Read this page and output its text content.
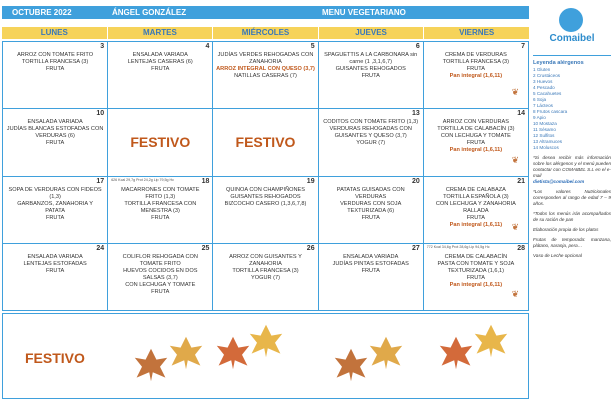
OCTUBRE 2022	ÁNGEL GONZÁLEZ	MENU VEGETARIANO
LUNES	MARTES	MIÉRCOLES	JUEVES	VIERNES
3
ARROZ CON TOMATE FRITO
TORTILLA FRANCESA (3)
FRUTA
4
ENSALADA VARIADA
LENTEJAS CASERAS (6)
FRUTA
5
JUDÍAS VERDES REHOGADAS CON
ZANAHORIA
ARROZ INTEGRAL CON QUESO (3,7)
NATILLAS CASERAS (7)
6
SPAGUETTIS A LA CARBONARA sin
carne (1 ,3,1,6,7)
GUISANTES REHOGADOS
FRUTA
7
CREMA DE VERDURAS
TORTILLA FRANCESA (3)
FRUTA
Pan integral (1,6,11)
❦
10
ENSALADA VARIADA
JUDÍAS BLANCAS ESTOFADAS CON
VERDURAS (6)
FRUTA	FESTIVO	FESTIVO
13
CODITOS CON TOMATE FRITO (1,3)
VERDURAS REHOGADAS CON
GUISANTES Y QUESO (3,7)
YOGUR (7)
14
ARROZ CON VERDURAS
TORTILLA DE CALABACÍN (3)
CON LECHUGA Y TOMATE
FRUTA
Pan integral (1,6,11)
❦
17
SOPA DE VERDURAS CON FIDEOS
(1,3)
GARBANZOS, ZANAHORIA Y
PATATA
FRUTA
18
626 Kcal 29,7g Prot 24,2g Lip 79,5g Hc
MACARRONES CON TOMATE
FRITO (1,3)
TORTILLA FRANCESA CON
MENESTRA (3)
FRUTA
19
QUINOA CON CHAMPIÑONES
GUISANTES REHOGADOS
BIZCOCHO CASERO (1,3,6,7,8)
20
PATATAS GUISADAS CON
VERDURAS
VERDURAS CON SOJA
TEXTURIZADA (6)
FRUTA
21
CREMA DE CALABAZA
TORTILLA ESPAÑOLA (3)
CON LECHUGA Y ZANAHORIA
RALLADA
FRUTA
Pan integral (1,6,11)	❦
24
ENSALADA VARIADA
LENTEJAS ESTOFADAS
FRUTA
25
COLIFLOR REHOGADA CON
TOMATE FRITO
HUEVOS COCIDOS EN DOS
SALSAS (3,7)
CON LECHUGA Y TOMATE
FRUTA
26
ARROZ CON GUISANTES Y
ZANAHORIA
TORTILLA FRANCESA (3)
YOGUR (7)
27
ENSALADA VARIADA
JUDÍAS PINTAS ESTOFADAS
FRUTA
28
772 Kcal 34,6g Prot 28,6g Lip 94,5g Hc
CREMA DE CALABACÍN
PASTA CON TOMATE Y SOJA
TEXTURIZADA (1,6,1)
FRUTA
Pan integral (1,6,11)
❦
FESTIVO
Comaibel
Leyenda alérgenos
1 Gluten
2 Crustáceos
3 Huevos
4 Pescado
5 Cacahuetes
6 Soja
7 Lácteos
8 Frutos cascara
9 Apio
10 Mostaza
11 Sésamo
12 Sulfitos
13 Altramuces
14 Moluscos
*Si desea recibir más información sobre los alérgenos y el menú pueden contactar con COMAIBEL S.L en el e-mail
dietista@comaibel.com
*Los valores Nutricionales corresponden al rango de edad 7 – 9 años.
*Todos los menús irán acompañados de su ración de pan
Elaboración propia de los platos
Frutas de temporada: manzana, plátano, naranja, pera…
Vaso de Leche opcional
